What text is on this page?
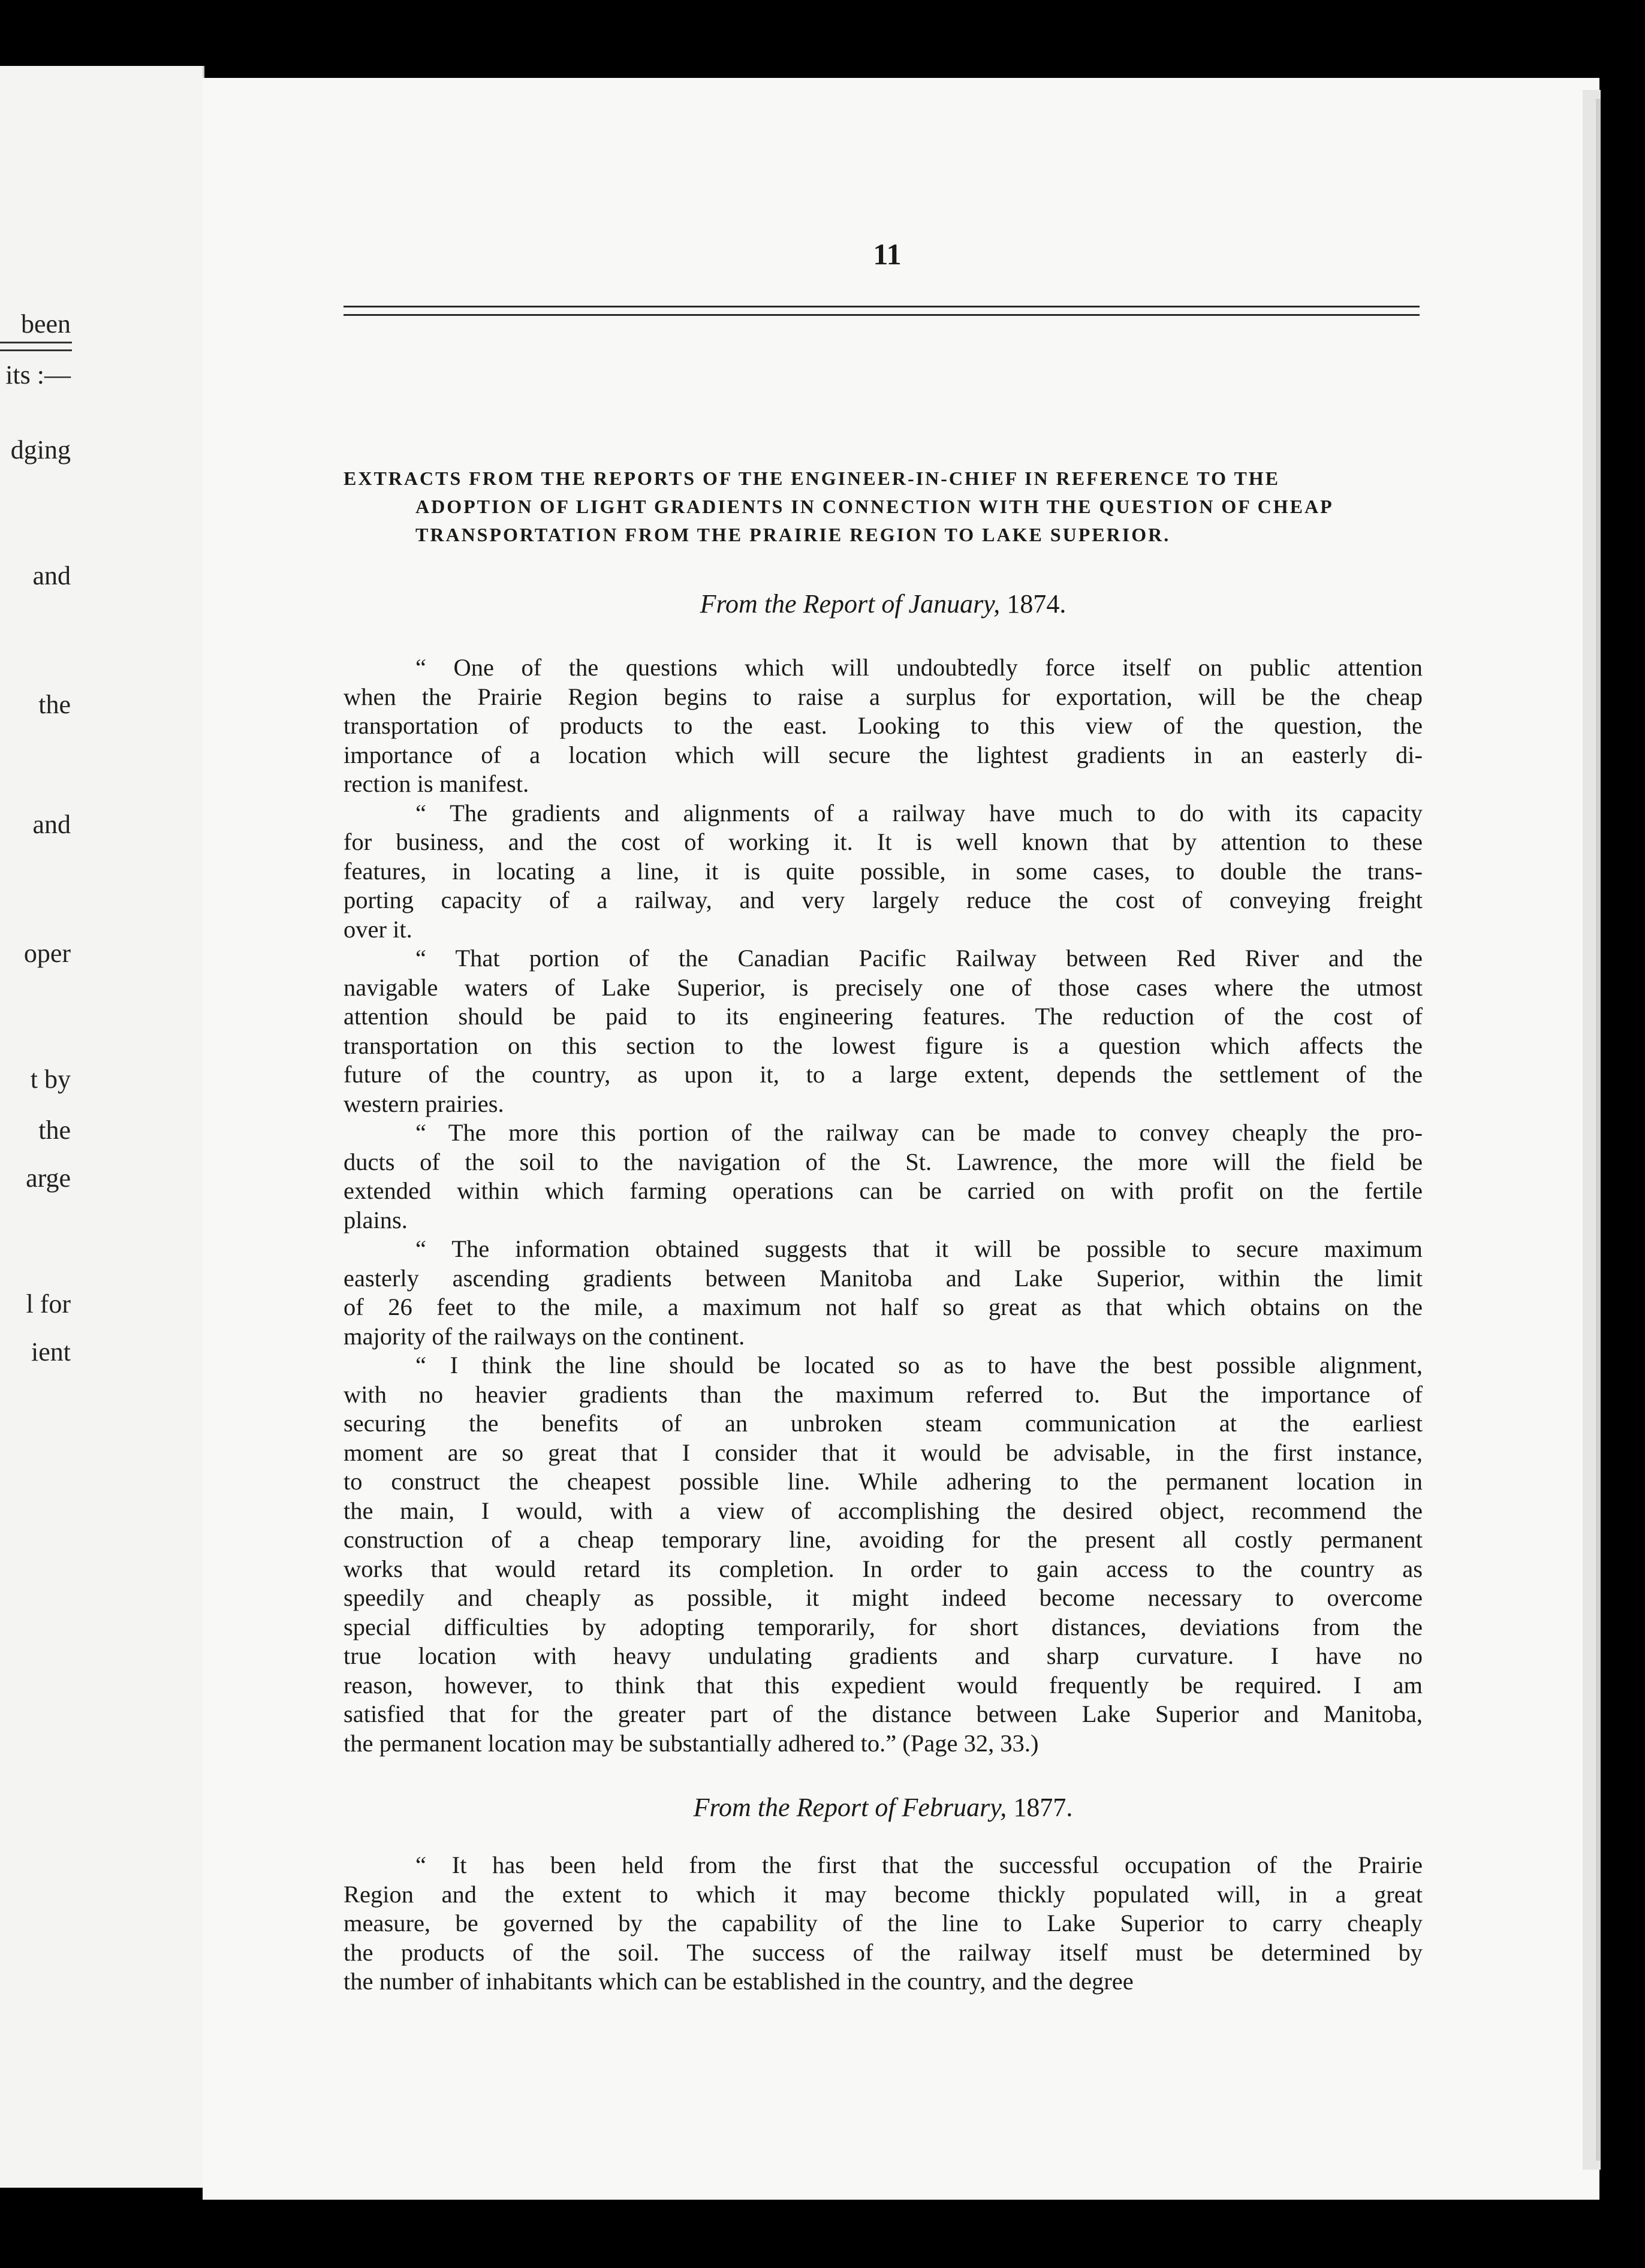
been
its :—
dging
and
the
and
oper
t by
the
arge
l for
ient
11
EXTRACTS FROM THE REPORTS OF THE ENGINEER-IN-CHIEF IN REFERENCE TO THE
ADOPTION OF LIGHT GRADIENTS IN CONNECTION WITH THE QUESTION OF CHEAP
TRANSPORTATION FROM THE PRAIRIE REGION TO LAKE SUPERIOR.
From the Report of January, 1874.
“ One of the questions which will undoubtedly force itself on public attention
when the Prairie Region begins to raise a surplus for exportation, will be the cheap
transportation of products to the east. Looking to this view of the question, the
importance of a location which will secure the lightest gradients in an easterly di-
rection is manifest.
“ The gradients and alignments of a railway have much to do with its capacity
for business, and the cost of working it. It is well known that by attention to these
features, in locating a line, it is quite possible, in some cases, to double the trans-
porting capacity of a railway, and very largely reduce the cost of conveying freight
over it.
“ That portion of the Canadian Pacific Railway between Red River and the
navigable waters of Lake Superior, is precisely one of those cases where the utmost
attention should be paid to its engineering features. The reduction of the cost of
transportation on this section to the lowest figure is a question which affects the
future of the country, as upon it, to a large extent, depends the settlement of the
western prairies.
“ The more this portion of the railway can be made to convey cheaply the pro-
ducts of the soil to the navigation of the St. Lawrence, the more will the field be
extended within which farming operations can be carried on with profit on the fertile
plains.
“ The information obtained suggests that it will be possible to secure maximum
easterly ascending gradients between Manitoba and Lake Superior, within the limit
of 26 feet to the mile, a maximum not half so great as that which obtains on the
majority of the railways on the continent.
“ I think the line should be located so as to have the best possible alignment,
with no heavier gradients than the maximum referred to. But the importance of
securing the benefits of an unbroken steam communication at the earliest
moment are so great that I consider that it would be advisable, in the first instance,
to construct the cheapest possible line. While adhering to the permanent location in
the main, I would, with a view of accomplishing the desired object, recommend the
construction of a cheap temporary line, avoiding for the present all costly permanent
works that would retard its completion. In order to gain access to the country as
speedily and cheaply as possible, it might indeed become necessary to overcome
special difficulties by adopting temporarily, for short distances, deviations from the
true location with heavy undulating gradients and sharp curvature. I have no
reason, however, to think that this expedient would frequently be required. I am
satisfied that for the greater part of the distance between Lake Superior and Manitoba,
the permanent location may be substantially adhered to.” (Page 32, 33.)
From the Report of February, 1877.
“ It has been held from the first that the successful occupation of the Prairie
Region and the extent to which it may become thickly populated will, in a great
measure, be governed by the capability of the line to Lake Superior to carry cheaply
the products of the soil. The success of the railway itself must be determined by
the number of inhabitants which can be established in the country, and the degree
